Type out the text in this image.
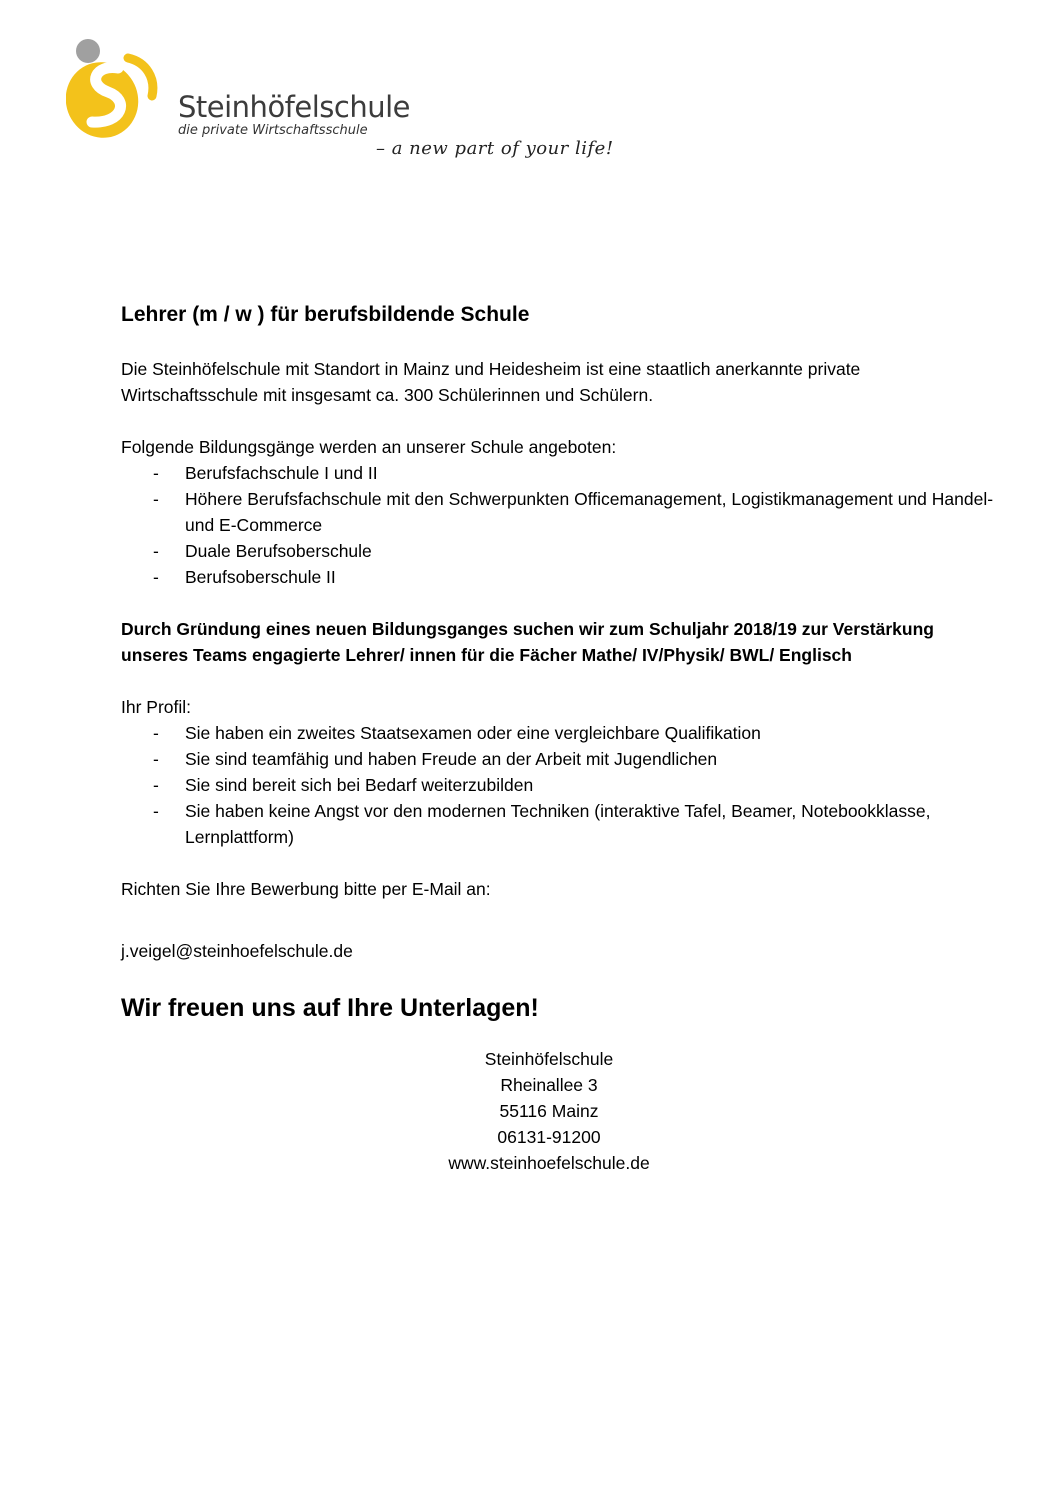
Steinhöfelschule
die private Wirtschaftsschule
– a new part of your life!
Lehrer (m / w ) für berufsbildende Schule

Die Steinhöfelschule mit Standort in Mainz und Heidesheim ist eine staatlich anerkannte private Wirtschaftsschule mit insgesamt ca. 300 Schülerinnen und Schülern.

Folgende Bildungsgänge werden an unserer Schule angeboten:

- Berufsfachschule I und II
- Höhere Berufsfachschule mit den Schwerpunkten Officemanagement, Logistikmanagement und Handel- und E-Commerce
- Duale Berufsoberschule
- Berufsoberschule II

Durch Gründung eines neuen Bildungsganges suchen wir zum Schuljahr 2018/19 zur Verstärkung unseres Teams engagierte Lehrer/ innen für die Fächer Mathe/ IV/Physik/ BWL/ Englisch

Ihr Profil:

- Sie haben ein zweites Staatsexamen oder eine vergleichbare Qualifikation
- Sie sind teamfähig und haben Freude an der Arbeit mit Jugendlichen
- Sie sind bereit sich bei Bedarf weiterzubilden
- Sie haben keine Angst vor den modernen Techniken (interaktive Tafel, Beamer, Notebookklasse, Lernplattform)

Richten Sie Ihre Bewerbung bitte per E-Mail an:

j.veigel@steinhoefelschule.de

Wir freuen uns auf Ihre Unterlagen!
Steinhöfelschule
Rheinallee 3
55116 Mainz
06131-91200
www.steinhoefelschule.de
